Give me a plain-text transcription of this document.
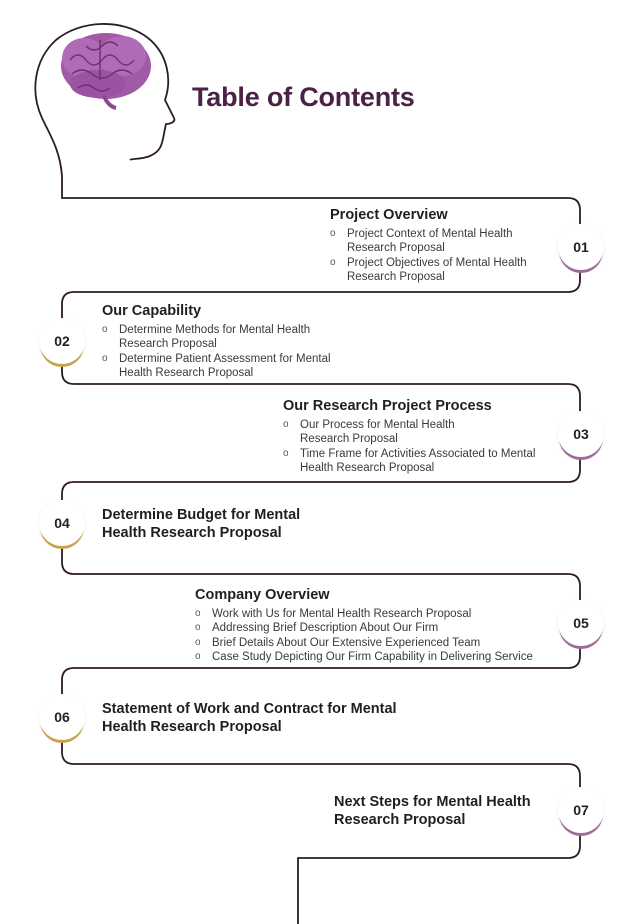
Table of Contents
Project Overview
o Project Context of Mental Health
Research Proposal
o Project Objectives of Mental Health
Research Proposal
01
Our Capability
o Determine Methods for Mental Health
Research Proposal
o Determine Patient Assessment for Mental
Health Research Proposal
02
Our Research Project Process
o Our Process for Mental Health
Research Proposal
o Time Frame for Activities Associated to Mental
Health Research Proposal
03
Determine Budget for Mental
Health Research Proposal
04
Company Overview
o Work with Us for Mental Health Research Proposal
o Addressing Brief Description About Our Firm
o Brief Details About Our Extensive Experienced Team
o Case Study Depicting Our Firm Capability in Delivering Service
05
Statement of Work and Contract for Mental
Health Research Proposal
06
Next Steps for Mental Health
Research Proposal
07
